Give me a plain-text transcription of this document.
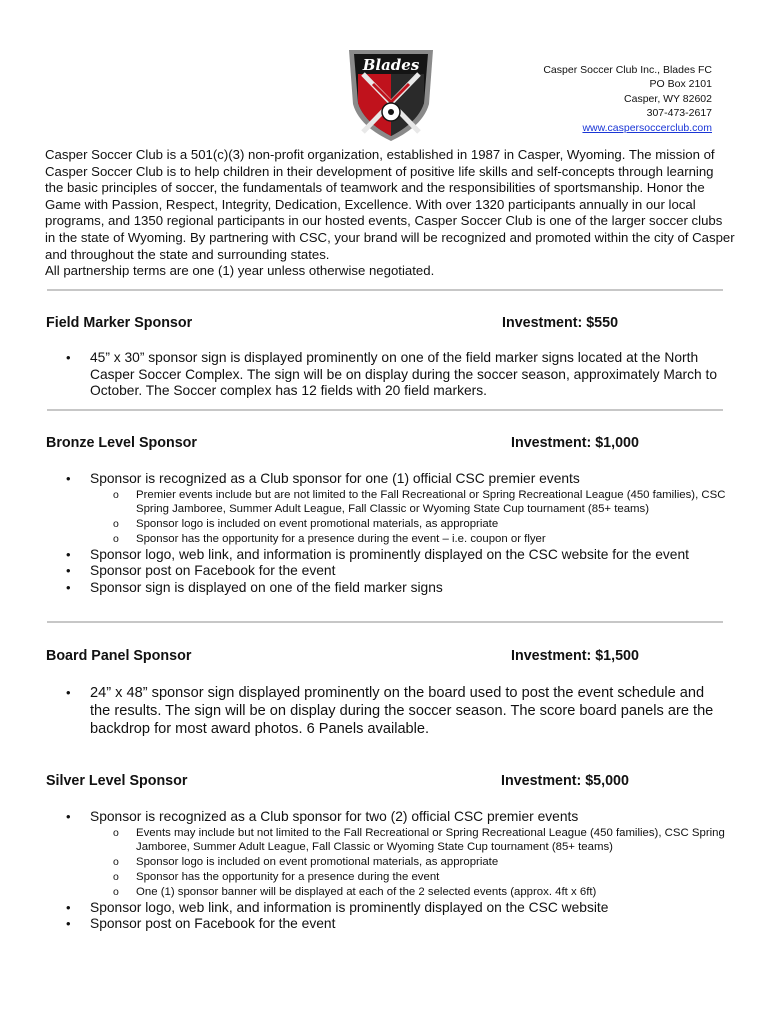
Blades	Casper Soccer Club Inc., Blades FC
PO Box 2101
Casper, WY 82602
307-473-2617
www.caspersoccerclub.com

Casper Soccer Club is a 501(c)(3) non-profit organization, established in 1987 in Casper, Wyoming. The mission of Casper Soccer Club is to help children in their development of positive life skills and self-concepts through learning the basic principles of soccer, the fundamentals of teamwork and the responsibilities of sportsmanship. Honor the Game with Passion, Respect, Integrity, Dedication, Excellence. With over 1320 participants annually in our local programs, and 1350 regional participants in our hosted events, Casper Soccer Club is one of the larger soccer clubs in the state of Wyoming. By partnering with CSC, your brand will be recognized and promoted within the city of Casper and throughout the state and surrounding states.

All partnership terms are one (1) year unless otherwise negotiated.

Field Marker Sponsor	Investment: $550
• 45” x 30” sponsor sign is displayed prominently on one of the field marker signs located at the North Casper Soccer Complex. The sign will be on display during the soccer season, approximately March to October. The Soccer complex has 12 fields with 20 field markers.
Bronze Level Sponsor	Investment: $1,000
• Sponsor is recognized as a Club sponsor for one (1) official CSC premier events
o Premier events include but are not limited to the Fall Recreational or Spring Recreational League (450 families), CSC Spring Jamboree, Summer Adult League, Fall Classic or Wyoming State Cup tournament (85+ teams)
o Sponsor logo is included on event promotional materials, as appropriate
o Sponsor has the opportunity for a presence during the event – i.e. coupon or flyer
• Sponsor logo, web link, and information is prominently displayed on the CSC website for the event
• Sponsor post on Facebook for the event
• Sponsor sign is displayed on one of the field marker signs
Board Panel Sponsor	Investment: $1,500
• 24” x 48” sponsor sign displayed prominently on the board used to post the event schedule and the results. The sign will be on display during the soccer season. The score board panels are the backdrop for most award photos. 6 Panels available.
Silver Level Sponsor	Investment: $5,000
• Sponsor is recognized as a Club sponsor for two (2) official CSC premier events
o Events may include but not limited to the Fall Recreational or Spring Recreational League (450 families), CSC Spring Jamboree, Summer Adult League, Fall Classic or Wyoming State Cup tournament (85+ teams)
o Sponsor logo is included on event promotional materials, as appropriate
o Sponsor has the opportunity for a presence during the event
o One (1) sponsor banner will be displayed at each of the 2 selected events (approx. 4ft x 6ft)
• Sponsor logo, web link, and information is prominently displayed on the CSC website
• Sponsor post on Facebook for the event
